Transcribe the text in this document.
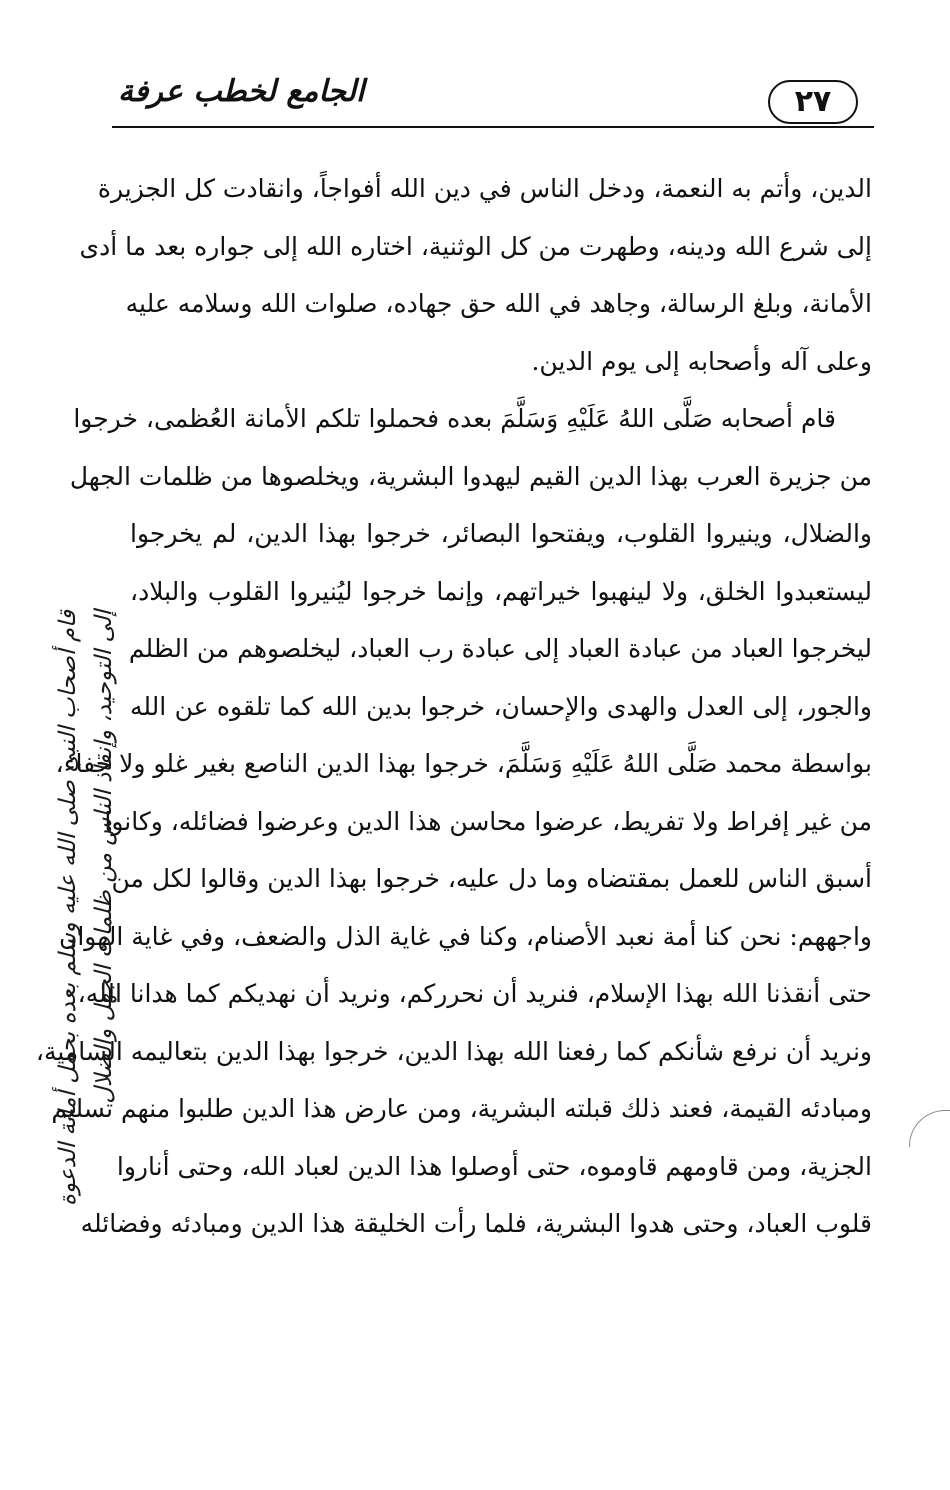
الجامع لخطب عرفة	٢٧
الدين، وأتم به النعمة، ودخل الناس في دين الله أفواجاً، وانقادت كل الجزيرة
إلى شرع الله ودينه، وطهرت من كل الوثنية، اختاره الله إلى جواره بعد ما أدى
الأمانة، وبلغ الرسالة، وجاهد في الله حق جهاده، صلوات الله وسلامه عليه
وعلى آله وأصحابه إلى يوم الدين.
قام أصحابه صَلَّى اللهُ عَلَيْهِ وَسَلَّمَ بعده فحملوا تلكم الأمانة العُظمى، خرجوا
من جزيرة العرب بهذا الدين القيم ليهدوا البشرية، ويخلصوها من ظلمات الجهل
والضلال، وينيروا القلوب، ويفتحوا البصائر، خرجوا بهذا الدين، لم يخرجوا
ليستعبدوا الخلق، ولا لينهبوا خيراتهم، وإنما خرجوا ليُنيروا القلوب والبلاد،
ليخرجوا العباد من عبادة العباد إلى عبادة رب العباد، ليخلصوهم من الظلم
والجور، إلى العدل والهدى والإحسان، خرجوا بدين الله كما تلقوه عن الله
بواسطة محمد صَلَّى اللهُ عَلَيْهِ وَسَلَّمَ، خرجوا بهذا الدين الناصع بغير غلو ولا جفاء،
من غير إفراط ولا تفريط، عرضوا محاسن هذا الدين وعرضوا فضائله، وكانوا
أسبق الناس للعمل بمقتضاه وما دل عليه، خرجوا بهذا الدين وقالوا لكل من
واجههم: نحن كنا أمة نعبد الأصنام، وكنا في غاية الذل والضعف، وفي غاية الهوان
حتى أنقذنا الله بهذا الإسلام، فنريد أن نحرركم، ونريد أن نهديكم كما هدانا الله،
ونريد أن نرفع شأنكم كما رفعنا الله بهذا الدين، خرجوا بهذا الدين بتعاليمه السامية،
ومبادئه القيمة، فعند ذلك قبلته البشرية، ومن عارض هذا الدين طلبوا منهم تسليم
الجزية، ومن قاومهم قاوموه، حتى أوصلوا هذا الدين لعباد الله، وحتى أناروا
قلوب العباد، وحتى هدوا البشرية، فلما رأت الخليقة هذا الدين ومبادئه وفضائله
قام أصحاب النبي صلى الله عليه وسلم بعده بحمل أمانة الدعوة إلى التوحيد، وإنقاذ الناس من ظلمات الجهل والضلال
